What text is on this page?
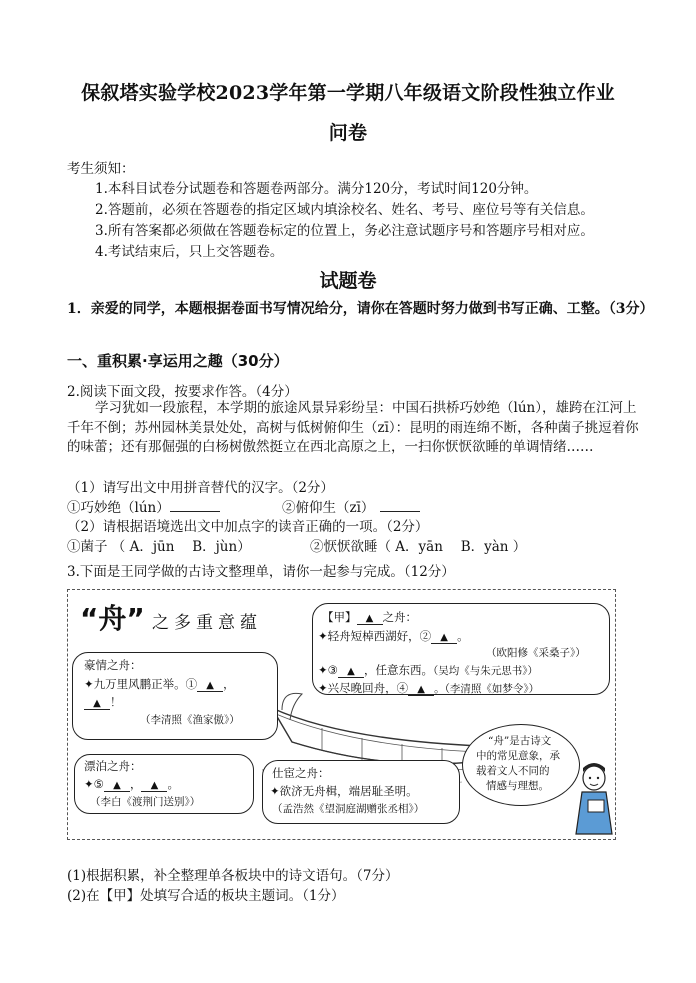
保叙塔实验学校2023学年第一学期八年级语文阶段性独立作业
问卷
考生须知：
1.本科目试卷分试题卷和答题卷两部分。满分120分，考试时间120分钟。
2.答题前，必须在答题卷的指定区域内填涂校名、姓名、考号、座位号等有关信息。
3.所有答案都必须做在答题卷标定的位置上，务必注意试题序号和答题序号相对应。
4.考试结束后，只上交答题卷。
试题卷
1．亲爱的同学，本题根据卷面书写情况给分，请你在答题时努力做到书写正确、工整。（3分）
一、重积累·享运用之趣（30分）
2.阅读下面文段，按要求作答。（4分）
学习犹如一段旅程，本学期的旅途风景异彩纷呈：中国石拱桥巧妙绝（lún），雄跨在江河上千年不倒；苏州园林美景处处，高树与低树俯仰生（zī）：昆明的雨连绵不断，各种菌子挑逗着你的味蕾；还有那倔强的白杨树傲然挺立在西北高原之上，一扫你恹恹欲睡的单调情绪……
（1）请写出文中用拼音替代的汉字。（2分）
①巧妙绝（lún）	②俯仰生（zī）
（2）请根据语境选出文中加点字的读音正确的一项。（2分）
①菌子 （ A．jūn　 B．jùn）	②恹恹欲睡（ A．yān　 B．yàn ）
3.下面是王同学做的古诗文整理单，请你一起参与完成。（12分）
“舟” 之多重意蕴	【甲】 ▲ 之舟：
✦轻舟短棹西湖好，② ▲ 。
（欧阳修《采桑子》）
✦③ ▲ ，任意东西。（吴均《与朱元思书》）
✦兴尽晚回舟，④ ▲ 。（李清照《如梦令》）
豪情之舟：
✦九万里风鹏正举。① ▲ ，
▲ ！
（李清照《渔家傲》）
漂泊之舟：
✦⑤ ▲ ， ▲ 。
（李白《渡荆门送别》）
仕宦之舟：
✦欲济无舟楫，端居耻圣明。
（孟浩然《望洞庭湖赠张丞相》）
“舟”是古诗文
中的常见意象，承
载着文人不同的
情感与理想。
(1)根据积累，补全整理单各板块中的诗文语句。（7分）
(2)在【甲】处填写合适的板块主题词。（1分）
